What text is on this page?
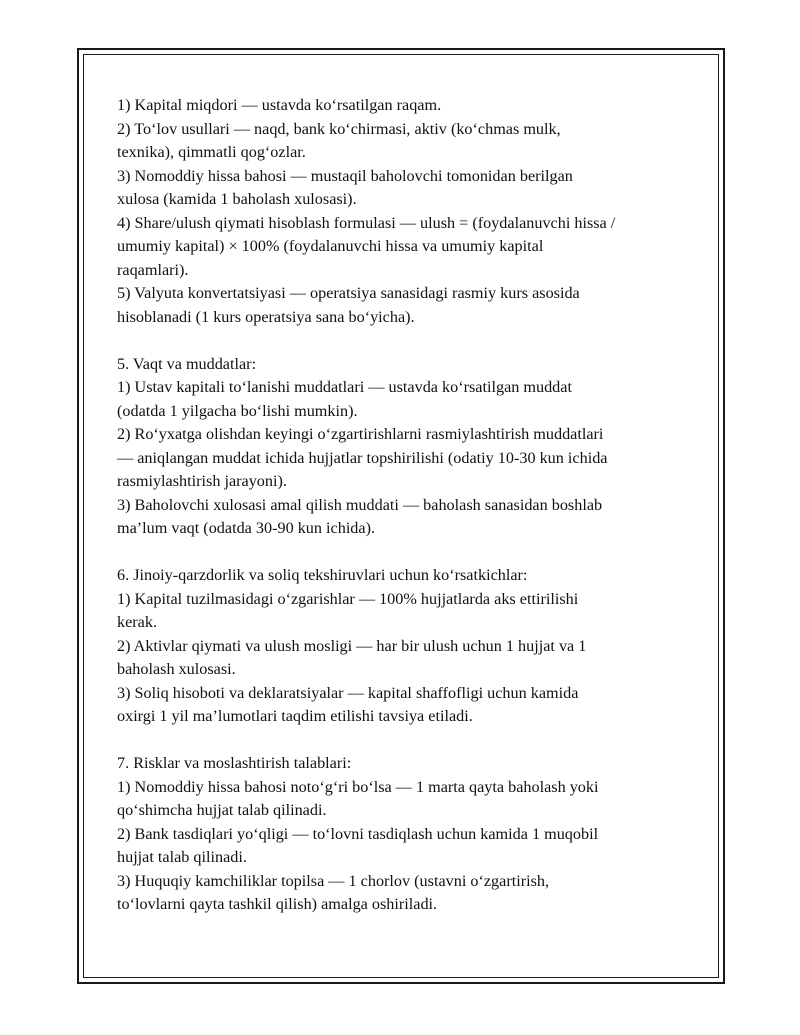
1) Kapital miqdori — ustavda ko‘rsatilgan raqam.
2) To‘lov usullari — naqd, bank ko‘chirmasi, aktiv (ko‘chmas mulk,
texnika), qimmatli qog‘ozlar.
3) Nomoddiy hissa bahosi — mustaqil baholovchi tomonidan berilgan
xulosa (kamida 1 baholash xulosasi).
4) Share/ulush qiymati hisoblash formulasi — ulush = (foydalanuvchi hissa /
umumiy kapital) × 100% (foydalanuvchi hissa va umumiy kapital
raqamlari).
5) Valyuta konvertatsiyasi — operatsiya sanasidagi rasmiy kurs asosida
hisoblanadi (1 kurs operatsiya sana bo‘yicha).
5. Vaqt va muddatlar:
1) Ustav kapitali to‘lanishi muddatlari — ustavda ko‘rsatilgan muddat
(odatda 1 yilgacha bo‘lishi mumkin).
2) Ro‘yxatga olishdan keyingi o‘zgartirishlarni rasmiylashtirish muddatlari
— aniqlangan muddat ichida hujjatlar topshirilishi (odatiy 10-30 kun ichida
rasmiylashtirish jarayoni).
3) Baholovchi xulosasi amal qilish muddati — baholash sanasidan boshlab
ma’lum vaqt (odatda 30-90 kun ichida).
6. Jinoiy-qarzdorlik va soliq tekshiruvlari uchun ko‘rsatkichlar:
1) Kapital tuzilmasidagi o‘zgarishlar — 100% hujjatlarda aks ettirilishi
kerak.
2) Aktivlar qiymati va ulush mosligi — har bir ulush uchun 1 hujjat va 1
baholash xulosasi.
3) Soliq hisoboti va deklaratsiyalar — kapital shaffofligi uchun kamida
oxirgi 1 yil ma’lumotlari taqdim etilishi tavsiya etiladi.
7. Risklar va moslashtirish talablari:
1) Nomoddiy hissa bahosi noto‘g‘ri bo‘lsa — 1 marta qayta baholash yoki
qo‘shimcha hujjat talab qilinadi.
2) Bank tasdiqlari yo‘qligi — to‘lovni tasdiqlash uchun kamida 1 muqobil
hujjat talab qilinadi.
3) Huquqiy kamchiliklar topilsa — 1 chorlov (ustavni o‘zgartirish,
to‘lovlarni qayta tashkil qilish) amalga oshiriladi.
